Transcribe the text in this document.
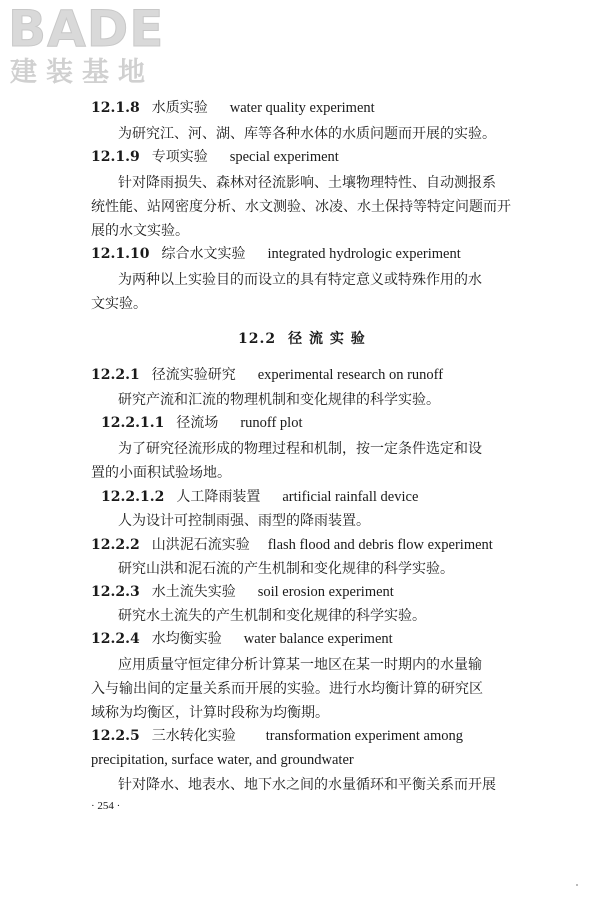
BADE
建装基地
12.1.8 水质实验 water quality experiment
为研究江、河、湖、库等各种水体的水质问题而开展的实验。
12.1.9 专项实验 special experiment
针对降雨损失、森林对径流影响、土壤物理特性、自动测报系
统性能、站网密度分析、水文测验、冰凌、水土保持等特定问题而开
展的水文实验。
12.1.10 综合水文实验 integrated hydrologic experiment
为两种以上实验目的而设立的具有特定意义或特殊作用的水
文实验。
12.2 径 流 实 验
12.2.1 径流实验研究 experimental research on runoff
研究产流和汇流的物理机制和变化规律的科学实验。
12.2.1.1 径流场 runoff plot
为了研究径流形成的物理过程和机制，按一定条件选定和设
置的小面积试验场地。
12.2.1.2 人工降雨装置 artificial rainfall device
人为设计可控制雨强、雨型的降雨装置。
12.2.2 山洪泥石流实验 flash flood and debris flow experiment
研究山洪和泥石流的产生机制和变化规律的科学实验。
12.2.3 水土流失实验 soil erosion experiment
研究水土流失的产生机制和变化规律的科学实验。
12.2.4 水均衡实验 water balance experiment
应用质量守恒定律分析计算某一地区在某一时期内的水量输
入与输出间的定量关系而开展的实验。进行水均衡计算的研究区
域称为均衡区，计算时段称为均衡期。
12.2.5 三水转化实验 transformation experiment among
precipitation, surface water, and groundwater
针对降水、地表水、地下水之间的水量循环和平衡关系而开展
· 254 ·
